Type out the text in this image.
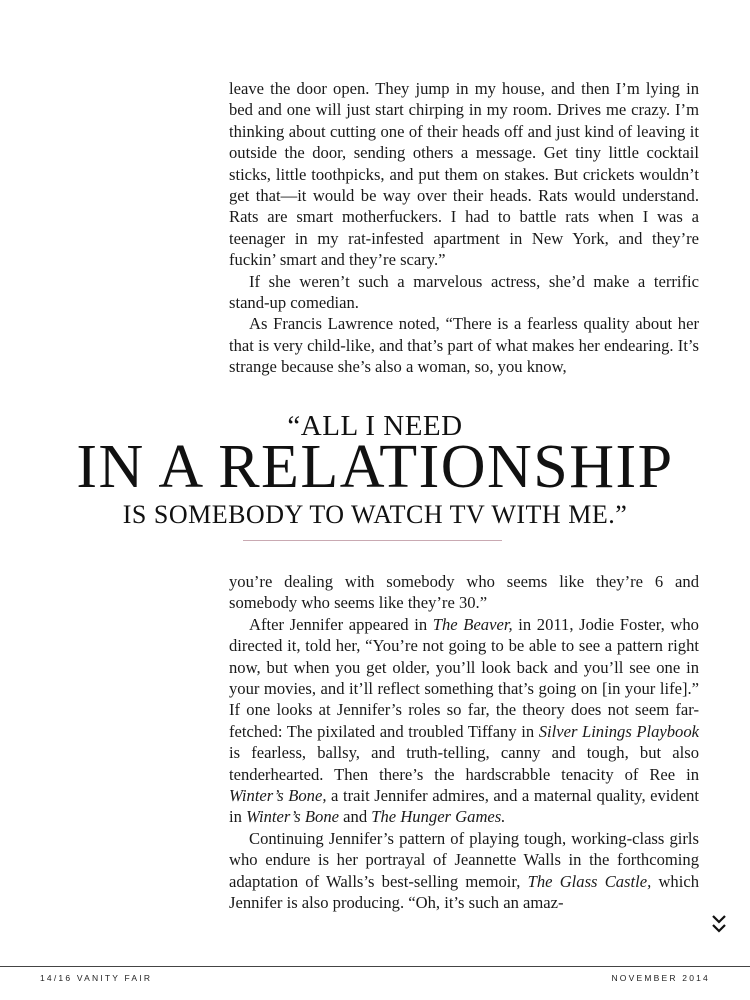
leave the door open. They jump in my house, and then I’m lying in bed and one will just start chirping in my room. Drives me crazy. I’m thinking about cutting one of their heads off and just kind of leaving it outside the door, sending others a message. Get tiny little cocktail sticks, little toothpicks, and put them on stakes. But crickets wouldn’t get that—it would be way over their heads. Rats would understand. Rats are smart motherfuckers. I had to battle rats when I was a teenager in my rat-infested apartment in New York, and they’re fuckin’ smart and they’re scary.”

If she weren’t such a marvelous actress, she’d make a terrific stand-up comedian.

As Francis Lawrence noted, “There is a fearless quality about her that is very child-like, and that’s part of what makes her endearing. It’s strange because she’s also a woman, so, you know,

“ALL I NEED
IN A RELATIONSHIP
IS SOMEBODY TO WATCH TV WITH ME.”

you’re dealing with somebody who seems like they’re 6 and somebody who seems like they’re 30.”

After Jennifer appeared in The Beaver, in 2011, Jodie Foster, who directed it, told her, “You’re not going to be able to see a pattern right now, but when you get older, you’ll look back and you’ll see one in your movies, and it’ll reflect something that’s going on [in your life].” If one looks at Jennifer’s roles so far, the theory does not seem far-fetched: The pixilated and troubled Tiffany in Silver Linings Playbook is fearless, ballsy, and truth-telling, canny and tough, but also tenderhearted. Then there’s the hardscrabble tenacity of Ree in Winter’s Bone, a trait Jennifer admires, and a maternal quality, evident in Winter’s Bone and The Hunger Games.

Continuing Jennifer’s pattern of playing tough, working-class girls who endure is her portrayal of Jeannette Walls in the forthcoming adaptation of Walls’s best-selling memoir, The Glass Castle, which Jennifer is also producing. “Oh, it’s such an amaz-

14/16 VANITY FAIR	NOVEMBER 2014
